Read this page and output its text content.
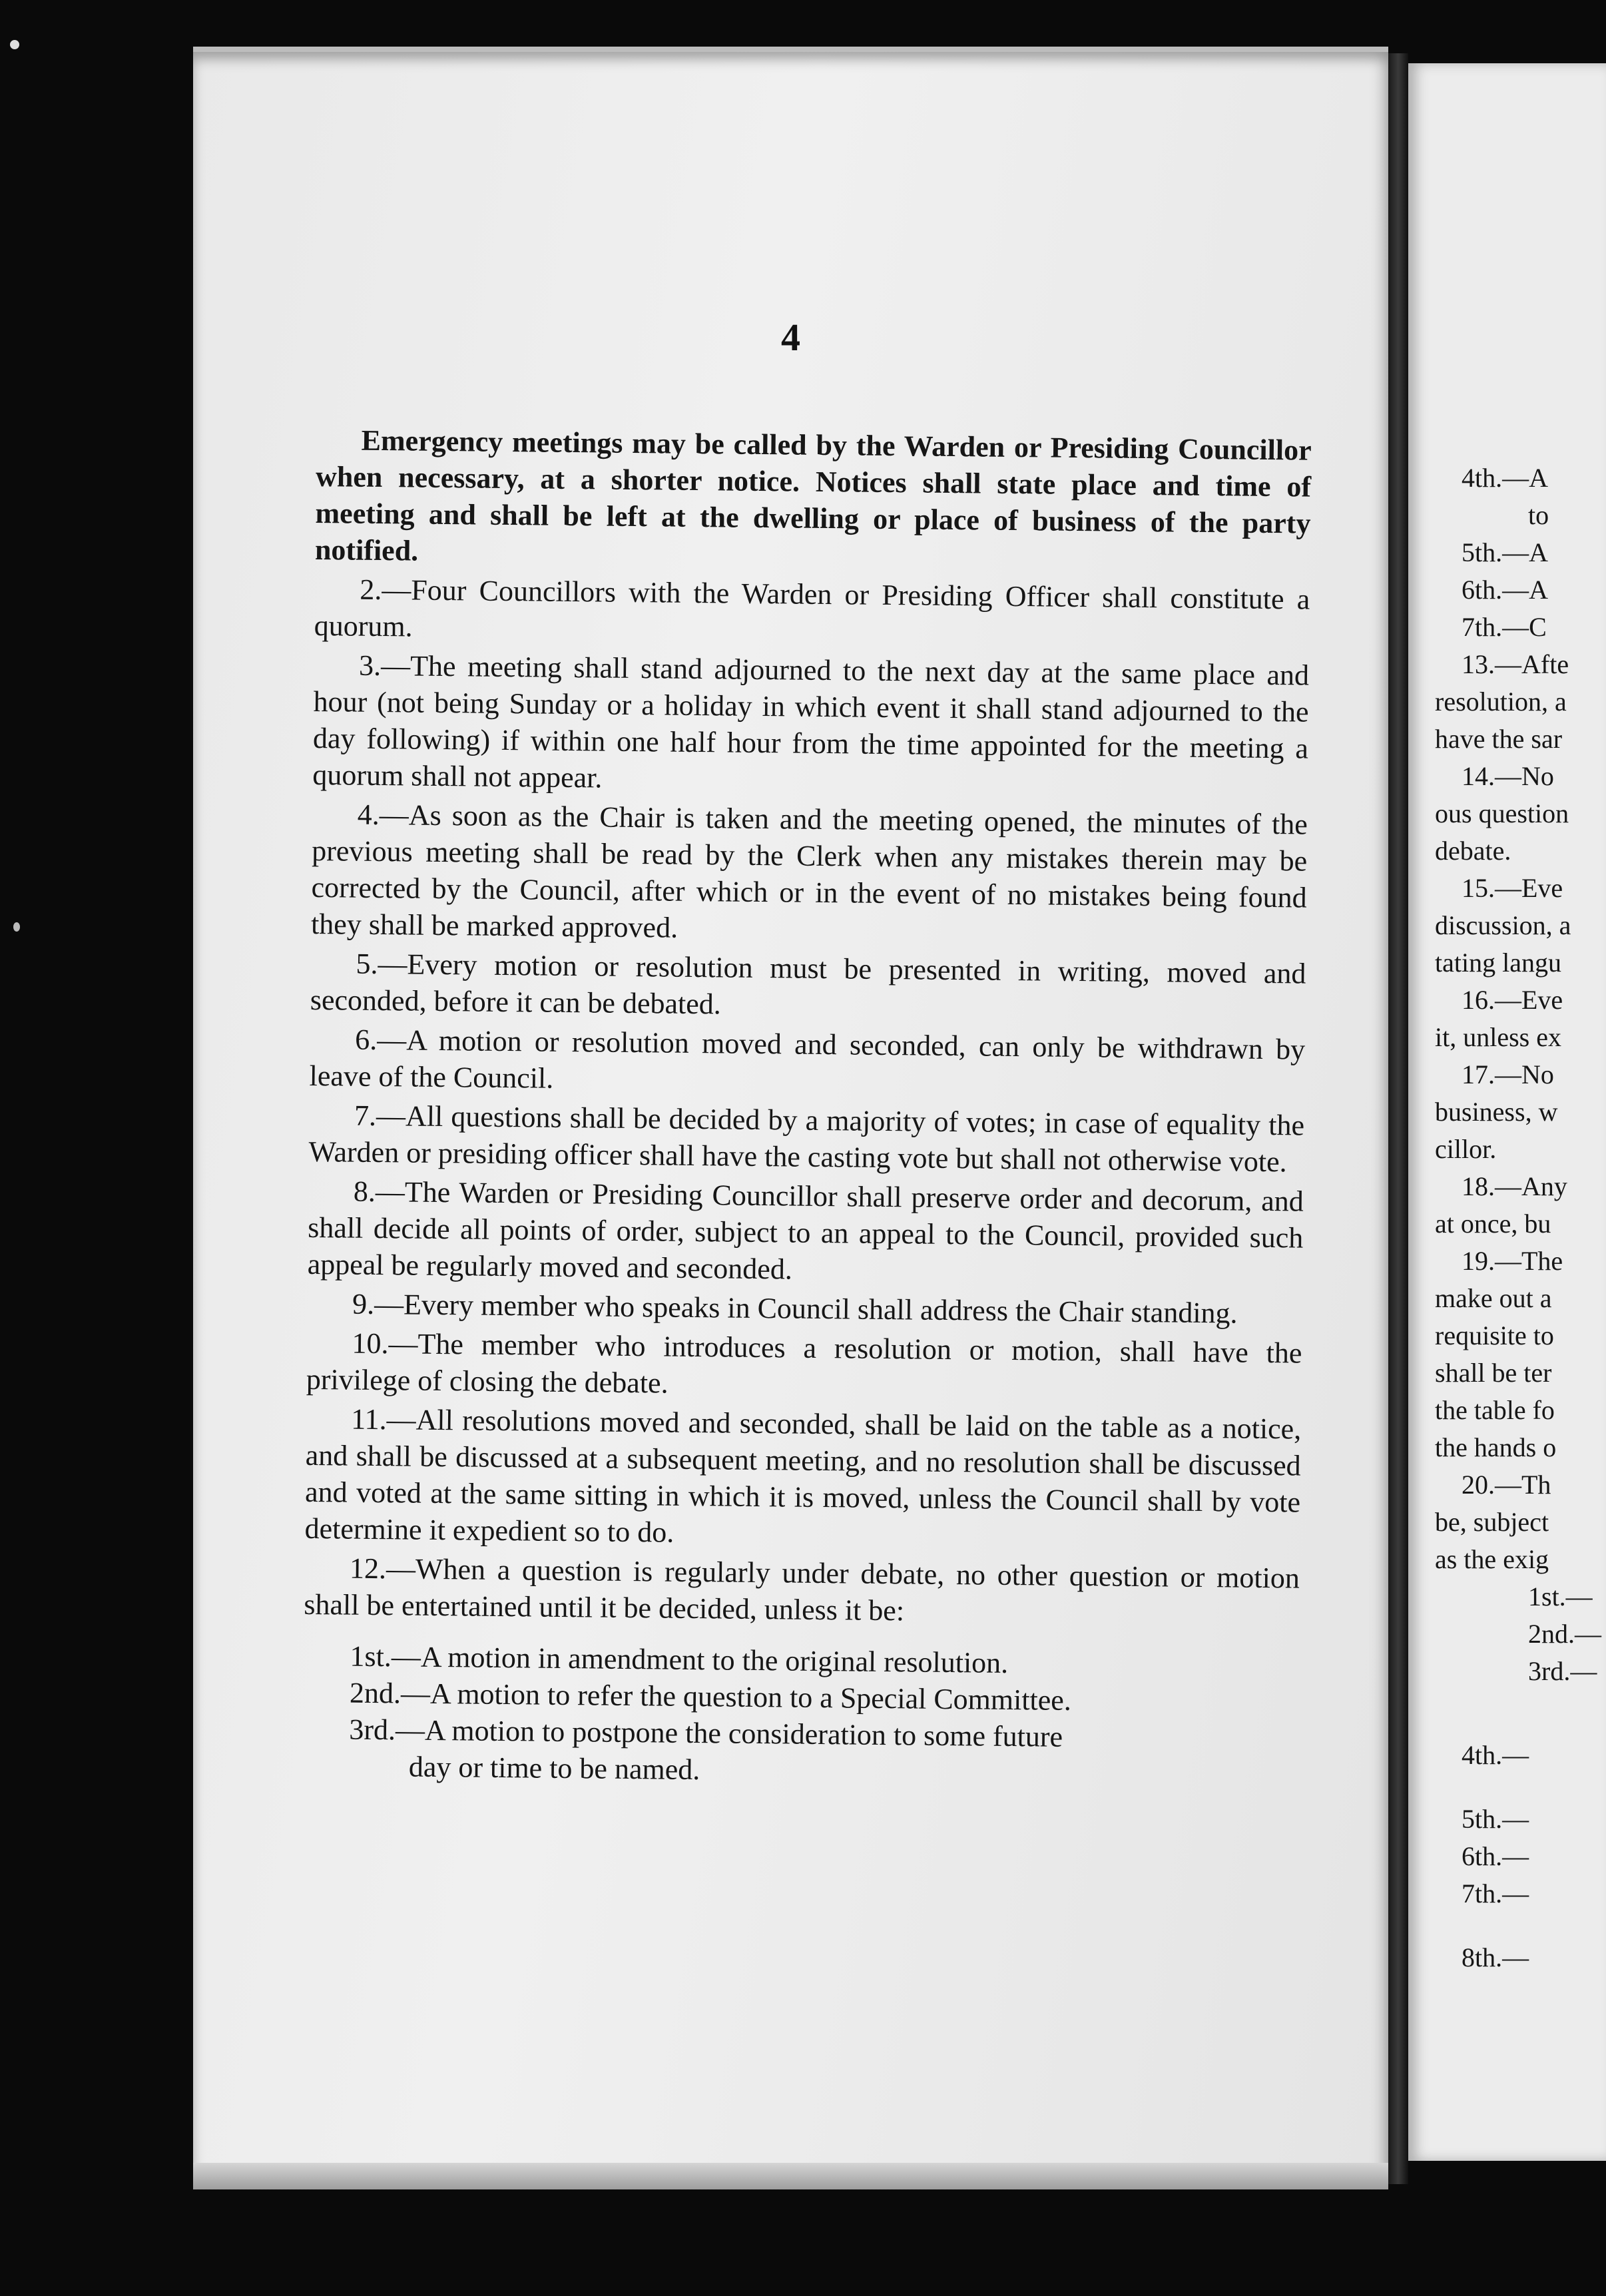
4

Emergency meetings may be called by the Warden or Presiding Councillor when necessary, at a shorter notice. Notices shall state place and time of meeting and shall be left at the dwelling or place of business of the party notified.

2.—Four Councillors with the Warden or Presiding Officer shall constitute a quorum.

3.—The meeting shall stand adjourned to the next day at the same place and hour (not being Sunday or a holiday in which event it shall stand adjourned to the day following) if within one half hour from the time appointed for the meeting a quorum shall not appear.

4.—As soon as the Chair is taken and the meeting opened, the minutes of the previous meeting shall be read by the Clerk when any mistakes therein may be corrected by the Council, after which or in the event of no mistakes being found they shall be marked approved.

5.—Every motion or resolution must be presented in writing, moved and seconded, before it can be debated.

6.—A motion or resolution moved and seconded, can only be withdrawn by leave of the Council.

7.—All questions shall be decided by a majority of votes; in case of equality the Warden or presiding officer shall have the casting vote but shall not otherwise vote.

8.—The Warden or Presiding Councillor shall preserve order and decorum, and shall decide all points of order, subject to an appeal to the Council, provided such appeal be regularly moved and seconded.

9.—Every member who speaks in Council shall address the Chair standing.

10.—The member who introduces a resolution or motion, shall have the privilege of closing the debate.

11.—All resolutions moved and seconded, shall be laid on the table as a notice, and shall be discussed at a subsequent meeting, and no resolution shall be discussed and voted at the same sitting in which it is moved, unless the Council shall by vote determine it expedient so to do.

12.—When a question is regularly under debate, no other question or motion shall be entertained until it be decided, unless it be:

1st.—A motion in amendment to the original resolution.
2nd.—A motion to refer the question to a Special Committee.
3rd.—A motion to postpone the consideration to some future
day or time to be named.
4th.—A
to
5th.—A
6th.—A
7th.—C
13.—Afte
resolution, a
have the sar
14.—No
ous question
debate.
15.—Eve
discussion, a
tating langu
16.—Eve
it, unless ex
17.—No
business, w
cillor.
18.—Any
at once, bu
19.—The
make out a
requisite to
shall be ter
the table fo
the hands o
20.—Th
be, subject
as the exig
1st.—
2nd.—
3rd.—
4th.—
5th.—
6th.—
7th.—
8th.—
